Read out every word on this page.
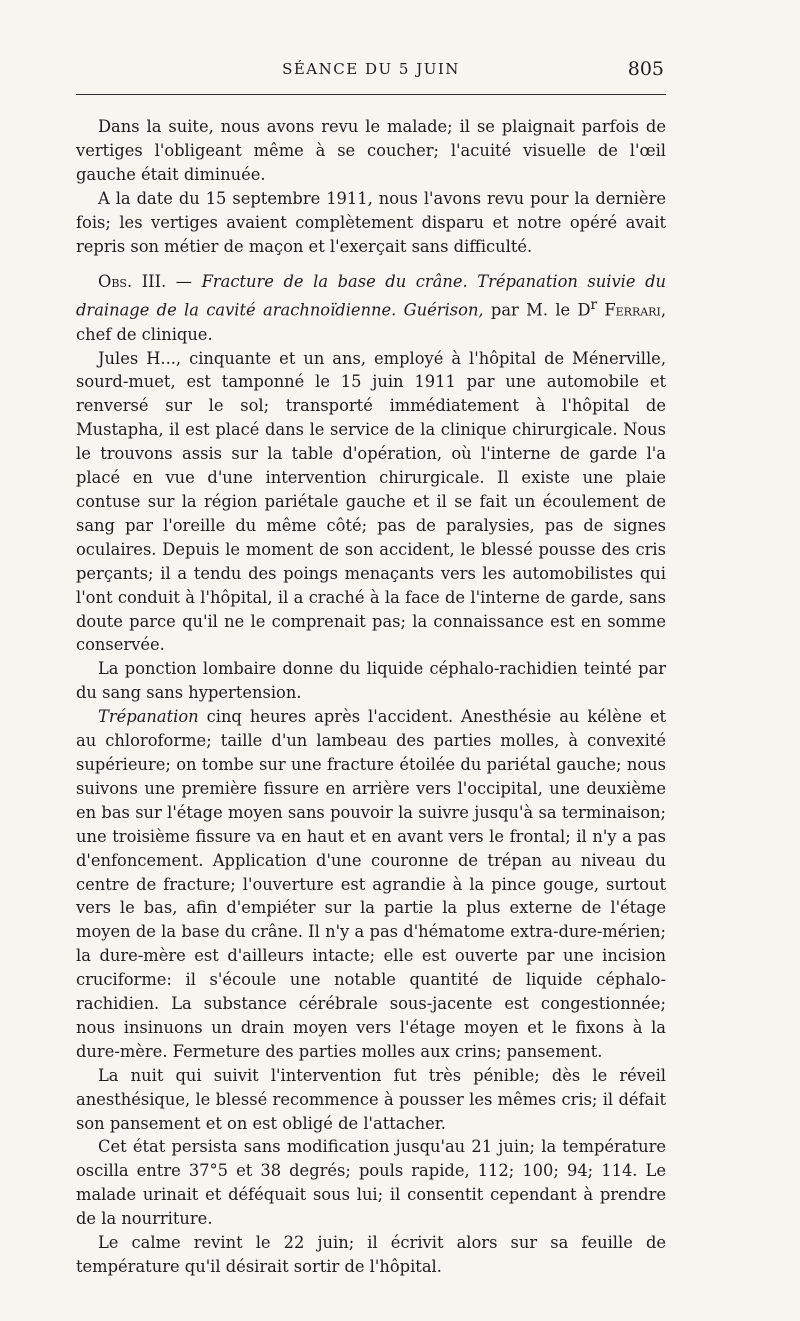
SÉANCE DU 5 JUIN	805

Dans la suite, nous avons revu le malade; il se plaignait parfois de vertiges l'obligeant même à se coucher; l'acuité visuelle de l'œil gauche était diminuée.

A la date du 15 septembre 1911, nous l'avons revu pour la dernière fois; les vertiges avaient complètement disparu et notre opéré avait repris son métier de maçon et l'exerçait sans difficulté.

Obs. III. — Fracture de la base du crâne. Trépanation suivie du drainage de la cavité arachnoïdienne. Guérison, par M. le $D^r$ Ferrari, chef de clinique.

Jules H..., cinquante et un ans, employé à l'hôpital de Ménerville, sourd-muet, est tamponné le 15 juin 1911 par une automobile et renversé sur le sol; transporté immédiatement à l'hôpital de Mustapha, il est placé dans le service de la clinique chirurgicale. Nous le trouvons assis sur la table d'opération, où l'interne de garde l'a placé en vue d'une intervention chirurgicale. Il existe une plaie contuse sur la région pariétale gauche et il se fait un écoulement de sang par l'oreille du même côté; pas de paralysies, pas de signes oculaires. Depuis le moment de son accident, le blessé pousse des cris perçants; il a tendu des poings menaçants vers les automobilistes qui l'ont conduit à l'hôpital, il a craché à la face de l'interne de garde, sans doute parce qu'il ne le comprenait pas; la connaissance est en somme conservée.

La ponction lombaire donne du liquide céphalo-rachidien teinté par du sang sans hypertension.

Trépanation cinq heures après l'accident. Anesthésie au kélène et au chloroforme; taille d'un lambeau des parties molles, à convexité supérieure; on tombe sur une fracture étoilée du pariétal gauche; nous suivons une première fissure en arrière vers l'occipital, une deuxième en bas sur l'étage moyen sans pouvoir la suivre jusqu'à sa terminaison; une troisième fissure va en haut et en avant vers le frontal; il n'y a pas d'enfoncement. Application d'une couronne de trépan au niveau du centre de fracture; l'ouverture est agrandie à la pince gouge, surtout vers le bas, afin d'empiéter sur la partie la plus externe de l'étage moyen de la base du crâne. Il n'y a pas d'hématome extra-dure-mérien; la dure-mère est d'ailleurs intacte; elle est ouverte par une incision cruciforme: il s'écoule une notable quantité de liquide céphalo-rachidien. La substance cérébrale sous-jacente est congestionnée; nous insinuons un drain moyen vers l'étage moyen et le fixons à la dure-mère. Fermeture des parties molles aux crins; pansement.

La nuit qui suivit l'intervention fut très pénible; dès le réveil anesthésique, le blessé recommence à pousser les mêmes cris; il défait son pansement et on est obligé de l'attacher.

Cet état persista sans modification jusqu'au 21 juin; la température oscilla entre 37°5 et 38 degrés; pouls rapide, 112; 100; 94; 114. Le malade urinait et déféquait sous lui; il consentit cependant à prendre de la nourriture.

Le calme revint le 22 juin; il écrivit alors sur sa feuille de température qu'il désirait sortir de l'hôpital.
